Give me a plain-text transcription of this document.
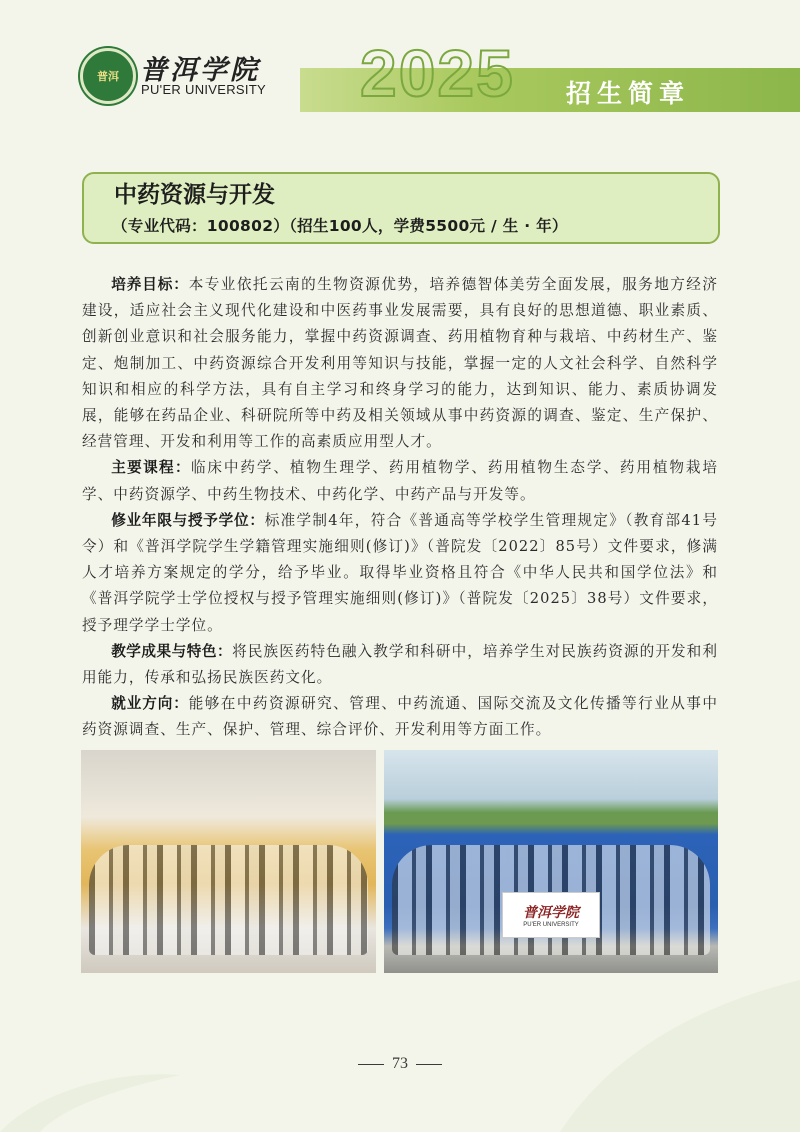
普洱 普洱学院
PU'ER UNIVERSITY 2025 招生简章
中药资源与开发
（专业代码：100802）（招生100人，学费5500元 / 生 · 年）

培养目标：本专业依托云南的生物资源优势，培养德智体美劳全面发展，服务地方经济建设，适应社会主义现代化建设和中医药事业发展需要，具有良好的思想道德、职业素质、创新创业意识和社会服务能力，掌握中药资源调查、药用植物育种与栽培、中药材生产、鉴定、炮制加工、中药资源综合开发利用等知识与技能，掌握一定的人文社会科学、自然科学知识和相应的科学方法，具有自主学习和终身学习的能力，达到知识、能力、素质协调发展，能够在药品企业、科研院所等中药及相关领域从事中药资源的调查、鉴定、生产保护、经营管理、开发和利用等工作的高素质应用型人才。

主要课程：临床中药学、植物生理学、药用植物学、药用植物生态学、药用植物栽培学、中药资源学、中药生物技术、中药化学、中药产品与开发等。

修业年限与授予学位：标准学制4年，符合《普通高等学校学生管理规定》（教育部41号令）和《普洱学院学生学籍管理实施细则(修订)》（普院发〔2022〕85号）文件要求，修满人才培养方案规定的学分，给予毕业。取得毕业资格且符合《中华人民共和国学位法》和《普洱学院学士学位授权与授予管理实施细则(修订)》（普院发〔2025〕38号）文件要求，授予理学学士学位。

教学成果与特色：将民族医药特色融入教学和科研中，培养学生对民族药资源的开发和利用能力，传承和弘扬民族医药文化。

就业方向：能够在中药资源研究、管理、中药流通、国际交流及文化传播等行业从事中药资源调查、生产、保护、管理、综合评价、开发利用等方面工作。

普洱学院
PU'ER UNIVERSITY
73
